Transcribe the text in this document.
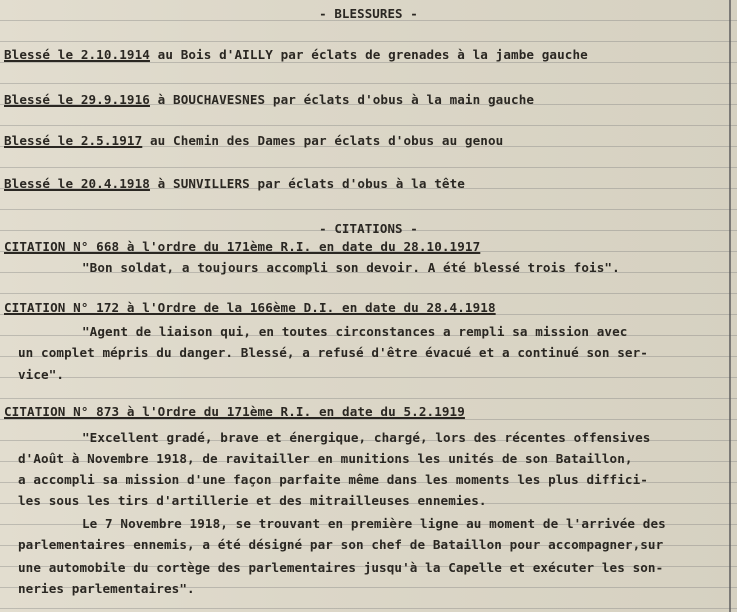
- BLESSURES -
Blessé le 2.10.1914 au Bois d'AILLY par éclats de grenades à la jambe gauche
Blessé le 29.9.1916 à BOUCHAVESNES par éclats d'obus à la main gauche
Blessé le 2.5.1917 au Chemin des Dames par éclats d'obus au genou
Blessé le 20.4.1918 à SUNVILLERS par éclats d'obus à la tête
- CITATIONS -
CITATION N° 668 à l'ordre du 171ème R.I. en date du 28.10.1917
"Bon soldat, a toujours accompli son devoir. A été blessé trois fois".
CITATION N° 172 à l'Ordre de la 166ème D.I. en date du 28.4.1918
"Agent de liaison qui, en toutes circonstances a rempli sa mission avec
un complet mépris du danger. Blessé, a refusé d'être évacué et a continué son ser-
vice".
CITATION N° 873 à l'Ordre du 171ème R.I. en date du 5.2.1919
"Excellent gradé, brave et énergique, chargé, lors des récentes offensives
d'Août à Novembre 1918, de ravitailler en munitions les unités de son Bataillon,
a accompli sa mission d'une façon parfaite même dans les moments les plus diffici-
les sous les tirs d'artillerie et des mitrailleuses ennemies.
Le 7 Novembre 1918, se trouvant en première ligne au moment de l'arrivée des
parlementaires ennemis, a été désigné par son chef de Bataillon pour accompagner,sur
une automobile du cortège des parlementaires jusqu'à la Capelle et exécuter les son-
neries parlementaires".
